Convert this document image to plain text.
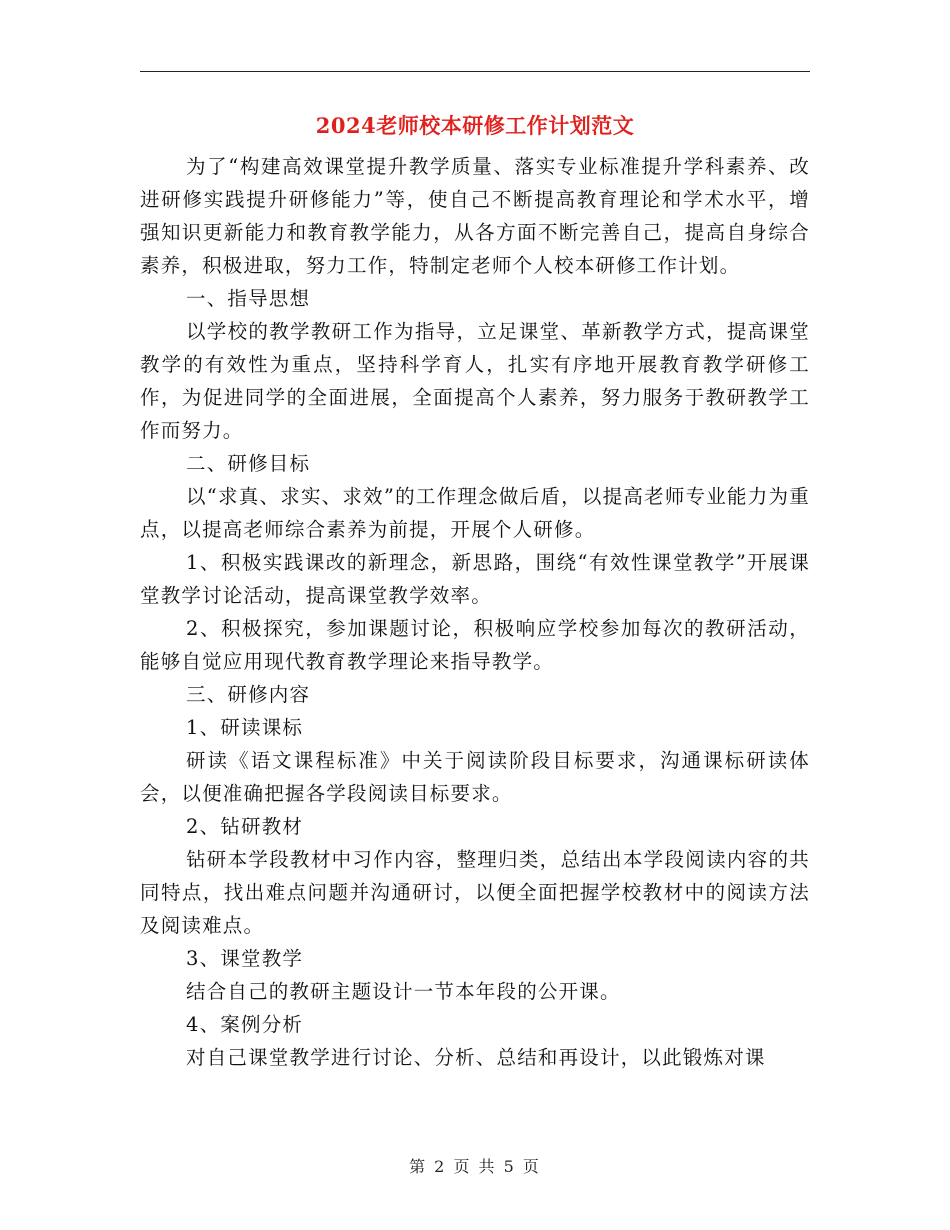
2024老师校本研修工作计划范文

为了“构建高效课堂提升教学质量、落实专业标准提升学科素养、改进研修实践提升研修能力”等，使自己不断提高教育理论和学术水平，增强知识更新能力和教育教学能力，从各方面不断完善自己，提高自身综合素养，积极进取，努力工作，特制定老师个人校本研修工作计划。

一、指导思想

以学校的教学教研工作为指导，立足课堂、革新教学方式，提高课堂教学的有效性为重点，坚持科学育人，扎实有序地开展教育教学研修工作，为促进同学的全面进展，全面提高个人素养，努力服务于教研教学工作而努力。

二、研修目标

以“求真、求实、求效”的工作理念做后盾，以提高老师专业能力为重点，以提高老师综合素养为前提，开展个人研修。

1、积极实践课改的新理念，新思路，围绕“有效性课堂教学”开展课堂教学讨论活动，提高课堂教学效率。

2、积极探究，参加课题讨论，积极响应学校参加每次的教研活动，能够自觉应用现代教育教学理论来指导教学。

三、研修内容

1、研读课标

研读《语文课程标准》中关于阅读阶段目标要求，沟通课标研读体会，以便准确把握各学段阅读目标要求。

2、钻研教材

钻研本学段教材中习作内容，整理归类，总结出本学段阅读内容的共同特点，找出难点问题并沟通研讨，以便全面把握学校教材中的阅读方法及阅读难点。

3、课堂教学

结合自己的教研主题设计一节本年段的公开课。

4、案例分析

对自己课堂教学进行讨论、分析、总结和再设计，以此锻炼对课

第 2 页 共 5 页
